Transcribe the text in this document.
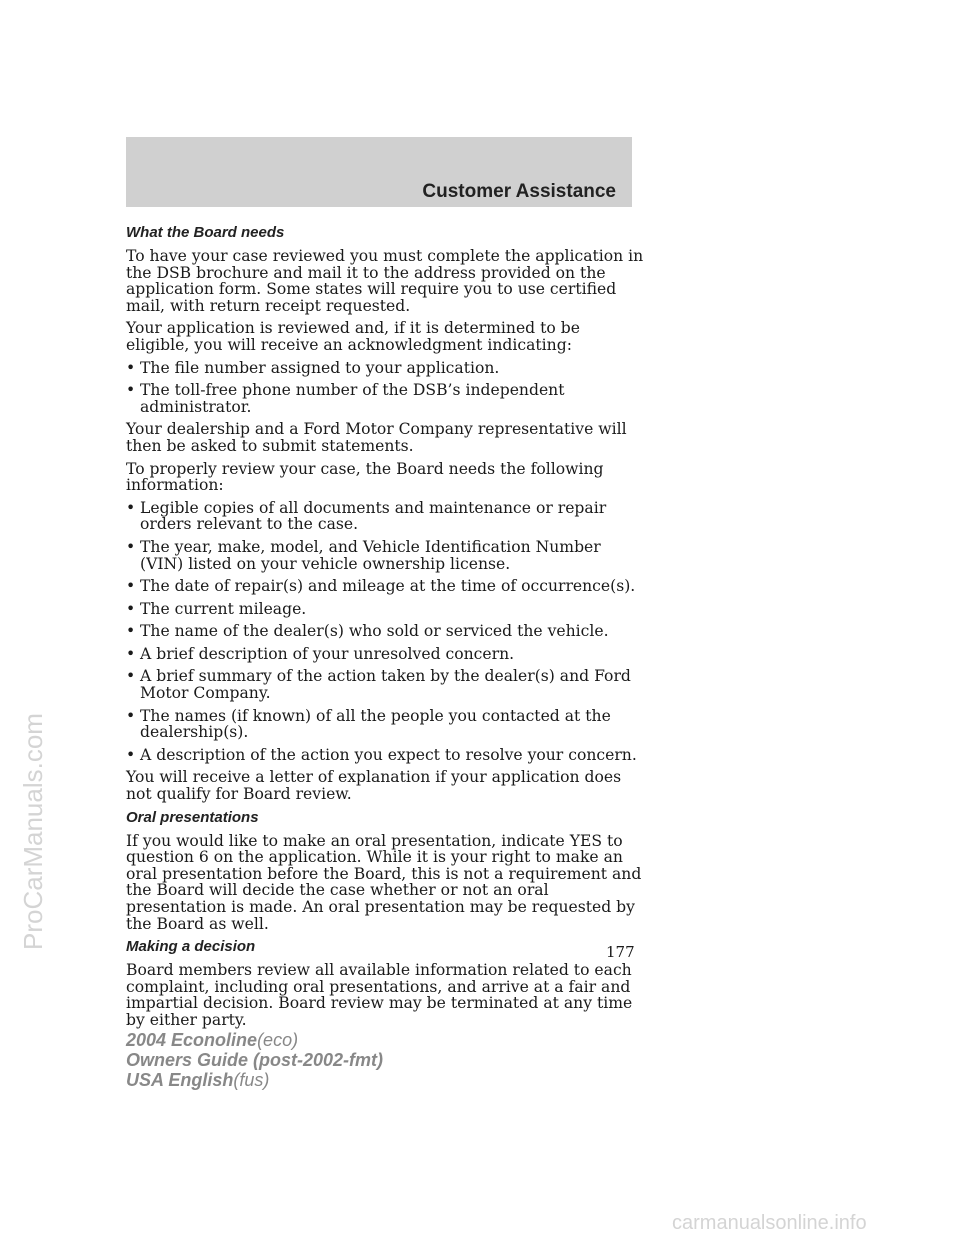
Customer Assistance
ProCarManuals.com
What the Board needs

To have your case reviewed you must complete the application in the DSB brochure and mail it to the address provided on the application form. Some states will require you to use certified mail, with return receipt requested.

Your application is reviewed and, if it is determined to be eligible, you will receive an acknowledgment indicating:

• The file number assigned to your application.
• The toll-free phone number of the DSB’s independent administrator.

Your dealership and a Ford Motor Company representative will then be asked to submit statements.

To properly review your case, the Board needs the following information:

• Legible copies of all documents and maintenance or repair orders relevant to the case.
• The year, make, model, and Vehicle Identification Number (VIN) listed on your vehicle ownership license.
• The date of repair(s) and mileage at the time of occurrence(s).
• The current mileage.
• The name of the dealer(s) who sold or serviced the vehicle.
• A brief description of your unresolved concern.
• A brief summary of the action taken by the dealer(s) and Ford Motor Company.
• The names (if known) of all the people you contacted at the dealership(s).
• A description of the action you expect to resolve your concern.

You will receive a letter of explanation if your application does not qualify for Board review.

Oral presentations

If you would like to make an oral presentation, indicate YES to question 6 on the application. While it is your right to make an oral presentation before the Board, this is not a requirement and the Board will decide the case whether or not an oral presentation is made. An oral presentation may be requested by the Board as well.

Making a decision

Board members review all available information related to each complaint, including oral presentations, and arrive at a fair and impartial decision. Board review may be terminated at any time by either party.

177
2004 Econoline(eco)
Owners Guide (post-2002-fmt)
USA English(fus)
carmanualsonline.info
